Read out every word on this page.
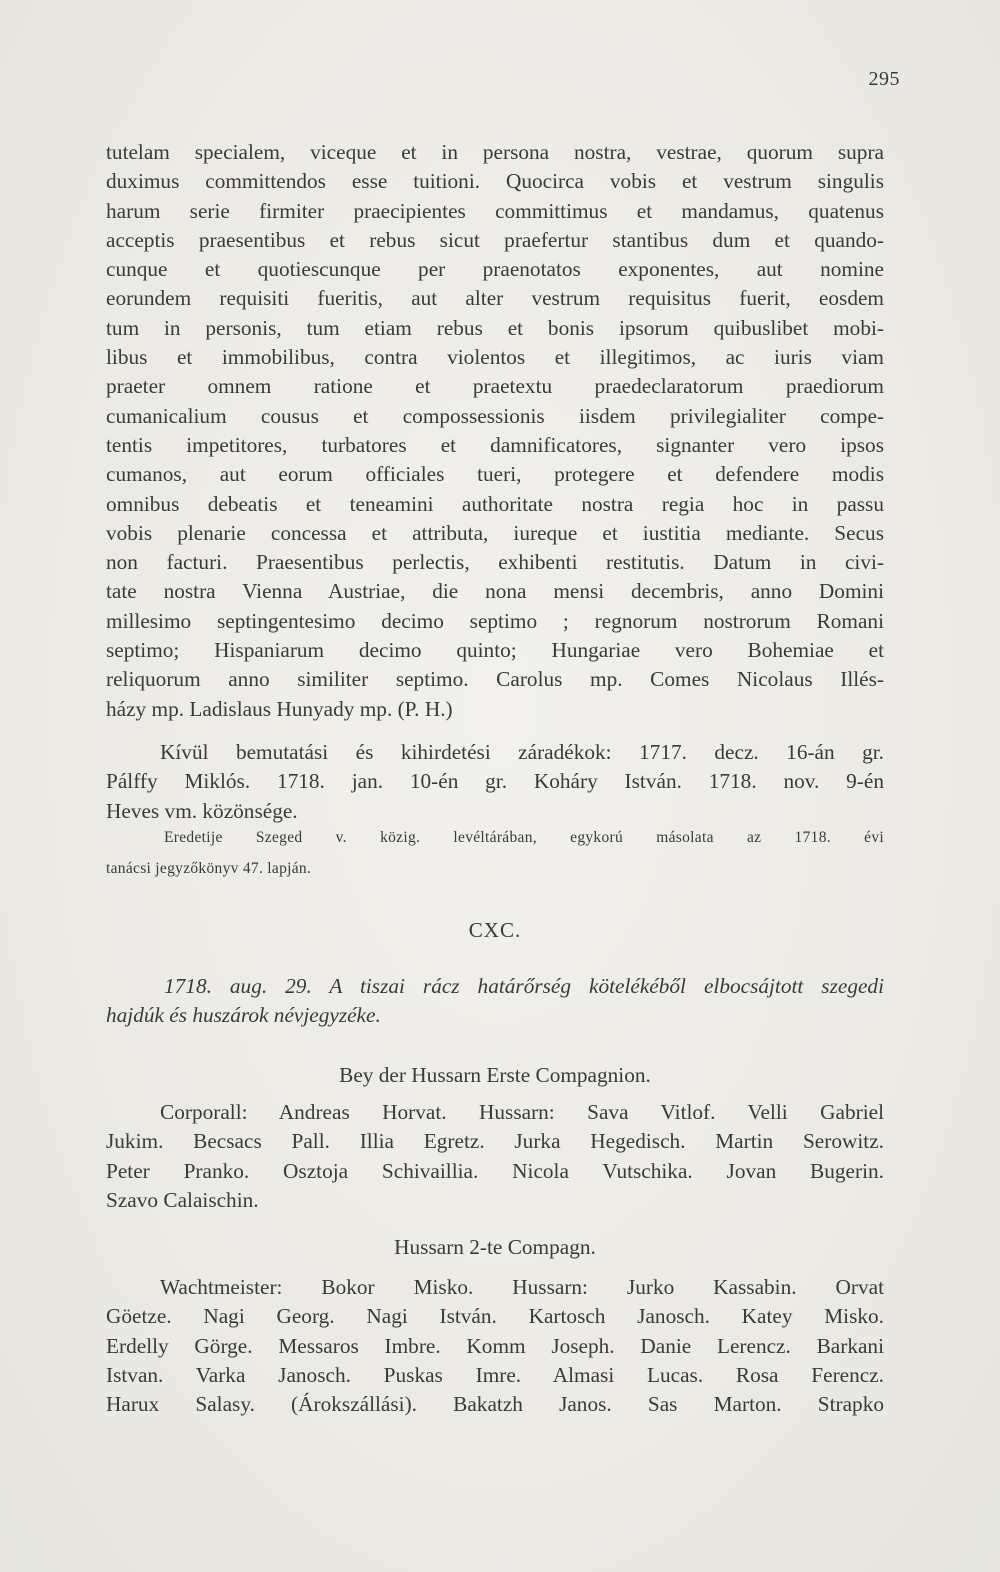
295
tutelam specialem, viceque et in persona nostra, vestrae, quorum supra
duximus committendos esse tuitioni. Quocirca vobis et vestrum singulis
harum serie firmiter praecipientes committimus et mandamus, quatenus
acceptis praesentibus et rebus sicut praefertur stantibus dum et quando-
cunque et quotiescunque per praenotatos exponentes, aut nomine
eorundem requisiti fueritis, aut alter vestrum requisitus fuerit, eosdem
tum in personis, tum etiam rebus et bonis ipsorum quibuslibet mobi-
libus et immobilibus, contra violentos et illegitimos, ac iuris viam
praeter omnem ratione et praetextu praedeclaratorum praediorum
cumanicalium cousus et compossessionis iisdem privilegialiter compe-
tentis impetitores, turbatores et damnificatores, signanter vero ipsos
cumanos, aut eorum officiales tueri, protegere et defendere modis
omnibus debeatis et teneamini authoritate nostra regia hoc in passu
vobis plenarie concessa et attributa, iureque et iustitia mediante. Secus
non facturi. Praesentibus perlectis, exhibenti restitutis. Datum in civi-
tate nostra Vienna Austriae, die nona mensi decembris, anno Domini
millesimo septingentesimo decimo septimo ; regnorum nostrorum Romani
septimo; Hispaniarum decimo quinto; Hungariae vero Bohemiae et
reliquorum anno similiter septimo. Carolus mp. Comes Nicolaus Illés-
házy mp. Ladislaus Hunyady mp. (P. H.)
Kívül bemutatási és kihirdetési záradékok: 1717. decz. 16-án gr.
Pálffy Miklós. 1718. jan. 10-én gr. Koháry István. 1718. nov. 9-én
Heves vm. közönsége.
Eredetije Szeged v. közig. levéltárában, egykorú másolata az 1718. évi
tanácsi jegyzőkönyv 47. lapján.
CXC.
1718. aug. 29. A tiszai rácz határőrség kötelékéből elbocsájtott szegedi
hajdúk és huszárok névjegyzéke.
Bey der Hussarn Erste Compagnion.
Corporall: Andreas Horvat. Hussarn: Sava Vitlof. Velli Gabriel
Jukim. Becsacs Pall. Illia Egretz. Jurka Hegedisch. Martin Serowitz.
Peter Pranko. Osztoja Schivaillia. Nicola Vutschika. Jovan Bugerin.
Szavo Calaischin.
Hussarn 2-te Compagn.
Wachtmeister: Bokor Misko. Hussarn: Jurko Kassabin. Orvat
Göetze. Nagi Georg. Nagi István. Kartosch Janosch. Katey Misko.
Erdelly Görge. Messaros Imbre. Komm Joseph. Danie Lerencz. Barkani
Istvan. Varka Janosch. Puskas Imre. Almasi Lucas. Rosa Ferencz.
Harux Salasy. (Árokszállási). Bakatzh Janos. Sas Marton. Strapko
